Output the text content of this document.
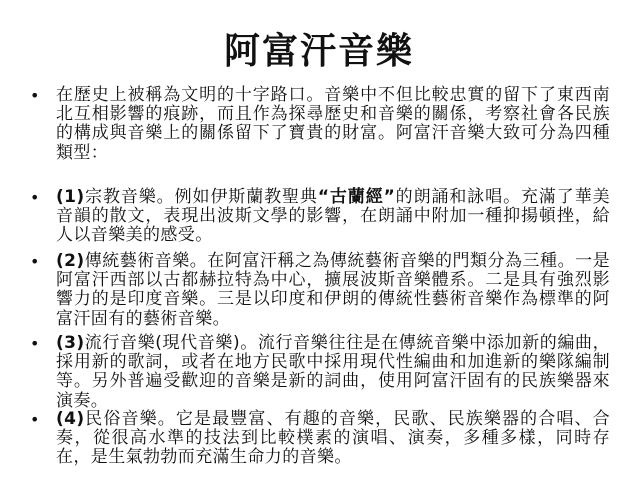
阿富汗音樂
• 在歷史上被稱為文明的十字路口。音樂中不但比較忠實的留下了東西南北互相影響的痕跡，而且作為探尋歷史和音樂的關係，考察社會各民族的構成與音樂上的關係留下了寶貴的財富。阿富汗音樂大致可分為四種類型：
• (1)宗教音樂。例如伊斯蘭教聖典“古蘭經”的朗誦和詠唱。充滿了華美音韻的散文，表現出波斯文學的影響，在朗誦中附加一種抑揚頓挫，給人以音樂美的感受。
• (2)傳統藝術音樂。在阿富汗稱之為傳統藝術音樂的門類分為三種。一是阿富汗西部以古都赫拉特為中心，擴展波斯音樂體系。二是具有強烈影響力的是印度音樂。三是以印度和伊朗的傳統性藝術音樂作為標準的阿富汗固有的藝術音樂。
• (3)流行音樂(現代音樂)。流行音樂往往是在傳統音樂中添加新的編曲，採用新的歌詞，或者在地方民歌中採用現代性編曲和加進新的樂隊編制等。另外普遍受歡迎的音樂是新的詞曲，使用阿富汗固有的民族樂器來演奏。
• (4)民俗音樂。它是最豐富、有趣的音樂，民歌、民族樂器的合唱、合奏，從很高水準的技法到比較樸素的演唱、演奏，多種多樣，同時存在，是生氣勃勃而充滿生命力的音樂。
